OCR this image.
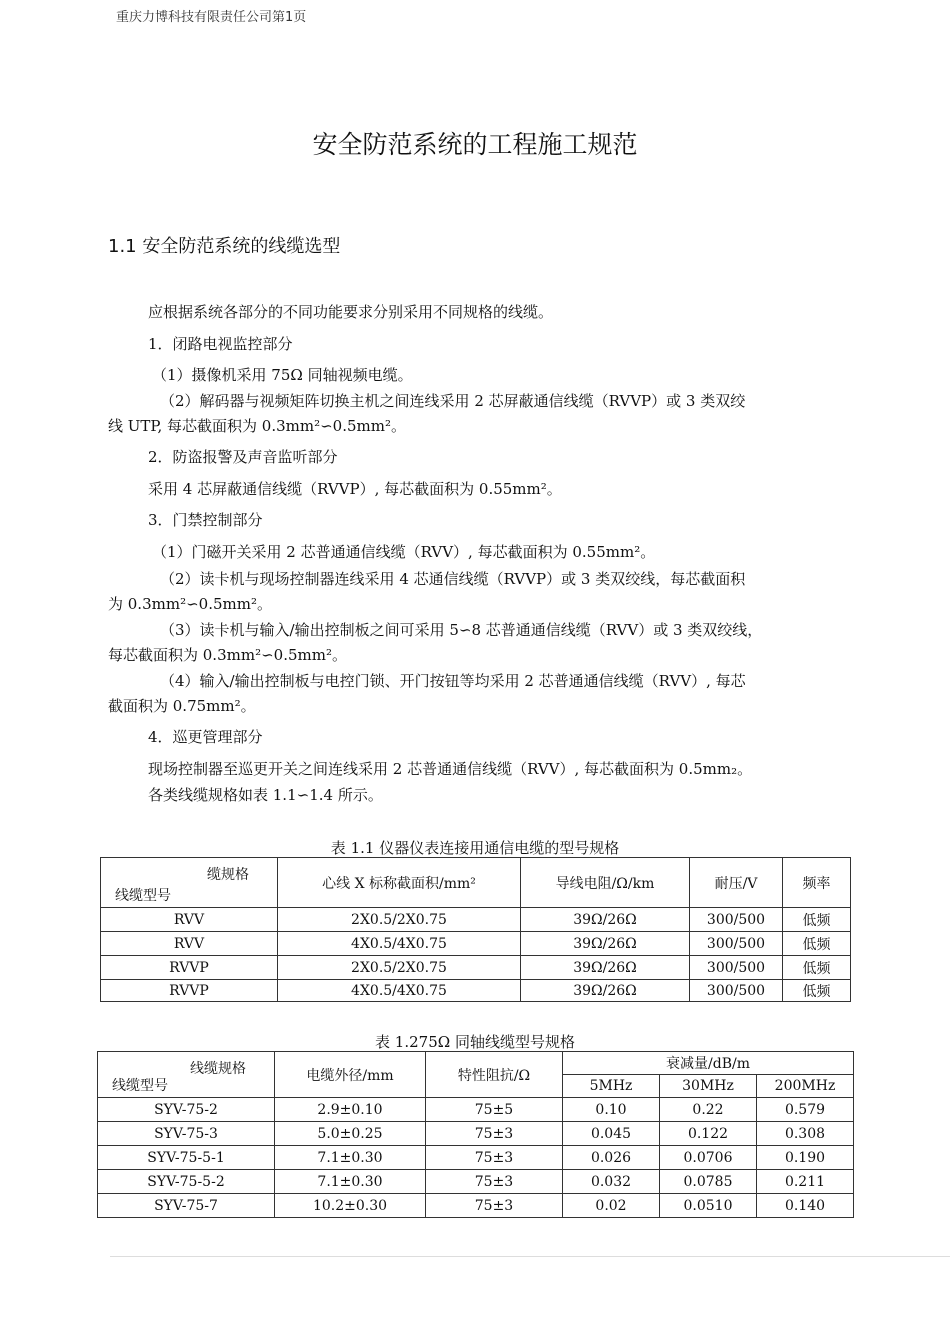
重庆力博科技有限责任公司第1页
安全防范系统的工程施工规范
1.1 安全防范系统的线缆选型
应根据系统各部分的不同功能要求分别采用不同规格的线缆。
1．闭路电视监控部分
（1）摄像机采用 75Ω 同轴视频电缆。
（2）解码器与视频矩阵切换主机之间连线采用 2 芯屏蔽通信线缆（RVVP）或 3 类双绞
线 UTP, 每芯截面积为 0.3mm²∽0.5mm²。
2．防盗报警及声音监听部分
采用 4 芯屏蔽通信线缆（RVVP）, 每芯截面积为 0.55mm²。
3．门禁控制部分
（1）门磁开关采用 2 芯普通通信线缆（RVV）, 每芯截面积为 0.55mm²。
（2）读卡机与现场控制器连线采用 4 芯通信线缆（RVVP）或 3 类双绞线，每芯截面积
为 0.3mm²∽0.5mm²。
（3）读卡机与输入/输出控制板之间可采用 5∽8 芯普通通信线缆（RVV）或 3 类双绞线，
每芯截面积为 0.3mm²∽0.5mm²。
（4）输入/输出控制板与电控门锁、开门按钮等均采用 2 芯普通通信线缆（RVV）, 每芯
截面积为 0.75mm²。
4．巡更管理部分
现场控制器至巡更开关之间连线采用 2 芯普通通信线缆（RVV）, 每芯截面积为 0.5mm₂。
各类线缆规格如表 1.1∽1.4 所示。
表 1.1 仪器仪表连接用通信电缆的型号规格
缆规格
线缆型号	心线 X 标称截面积/mm²	导线电阻/Ω/km	耐压/V	频率
RVV	2X0.5/2X0.75	39Ω/26Ω	300/500	低频
RVV	4X0.5/4X0.75	39Ω/26Ω	300/500	低频
RVVP	2X0.5/2X0.75	39Ω/26Ω	300/500	低频
RVVP	4X0.5/4X0.75	39Ω/26Ω	300/500	低频
表 1.275Ω 同轴线缆型号规格
线缆规格
线缆型号	电缆外径/mm	特性阻抗/Ω	衰减量/dB/m		
			5MHz	30MHz	200MHz
SYV-75-2	2.9±0.10	75±5	0.10	0.22	0.579
SYV-75-3	5.0±0.25	75±3	0.045	0.122	0.308
SYV-75-5-1	7.1±0.30	75±3	0.026	0.0706	0.190
SYV-75-5-2	7.1±0.30	75±3	0.032	0.0785	0.211
SYV-75-7	10.2±0.30	75±3	0.02	0.0510	0.140
